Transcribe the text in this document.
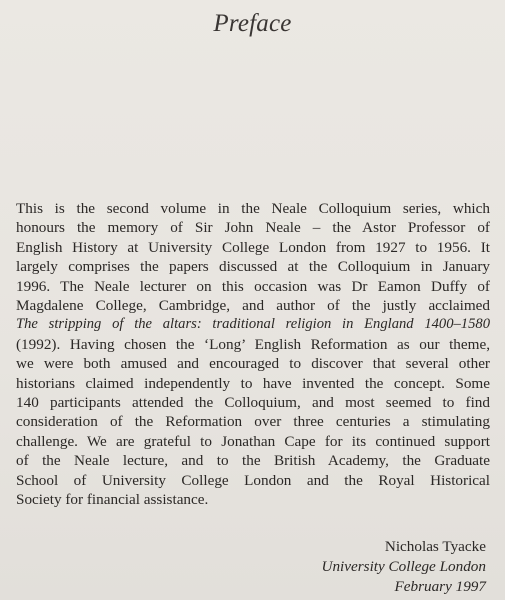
Preface
This is the second volume in the Neale Colloquium series, which
honours the memory of Sir John Neale – the Astor Professor of
English History at University College London from 1927 to 1956. It
largely comprises the papers discussed at the Colloquium in January
1996. The Neale lecturer on this occasion was Dr Eamon Duffy of
Magdalene College, Cambridge, and author of the justly acclaimed
The stripping of the altars: traditional religion in England 1400–1580
(1992). Having chosen the ‘Long’ English Reformation as our theme,
we were both amused and encouraged to discover that several other
historians claimed independently to have invented the concept. Some
140 participants attended the Colloquium, and most seemed to find
consideration of the Reformation over three centuries a stimulating
challenge. We are grateful to Jonathan Cape for its continued support
of the Neale lecture, and to the British Academy, the Graduate
School of University College London and the Royal Historical
Society for financial assistance.
Nicholas Tyacke
University College London
February 1997
